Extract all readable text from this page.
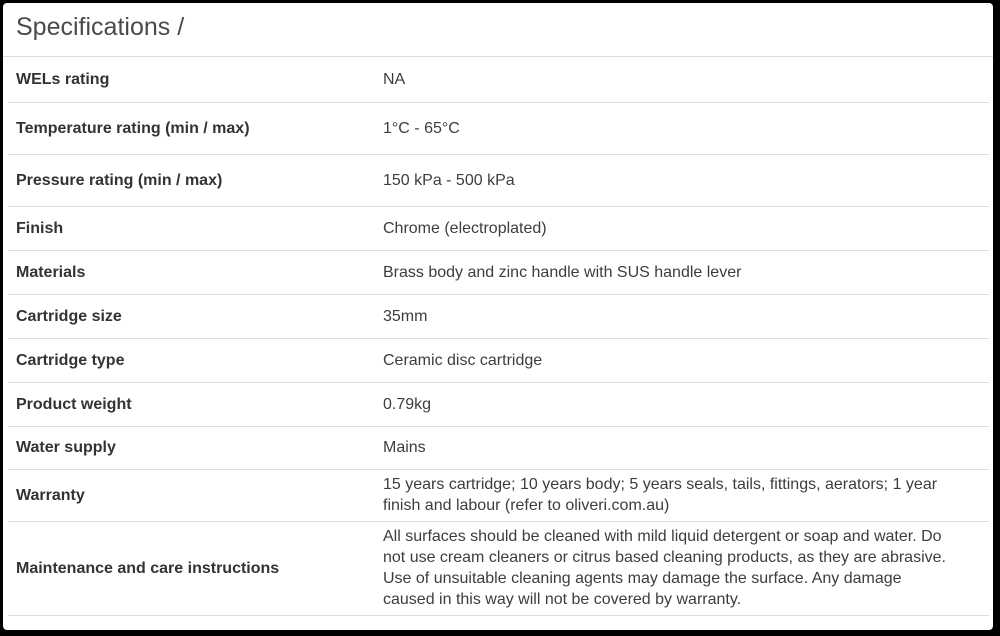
Specifications /
WELs rating	NA
Temperature rating (min / max)	1°C - 65°C
Pressure rating (min / max)	150 kPa - 500 kPa
Finish	Chrome (electroplated)
Materials	Brass body and zinc handle with SUS handle lever
Cartridge size	35mm
Cartridge type	Ceramic disc cartridge
Product weight	0.79kg
Water supply	Mains
Warranty	15 years cartridge; 10 years body; 5 years seals, tails, fittings, aerators; 1 year finish and labour (refer to oliveri.com.au)
Maintenance and care instructions	All surfaces should be cleaned with mild liquid detergent or soap and water. Do not use cream cleaners or citrus based cleaning products, as they are abrasive. Use of unsuitable cleaning agents may damage the surface. Any damage caused in this way will not be covered by warranty.
